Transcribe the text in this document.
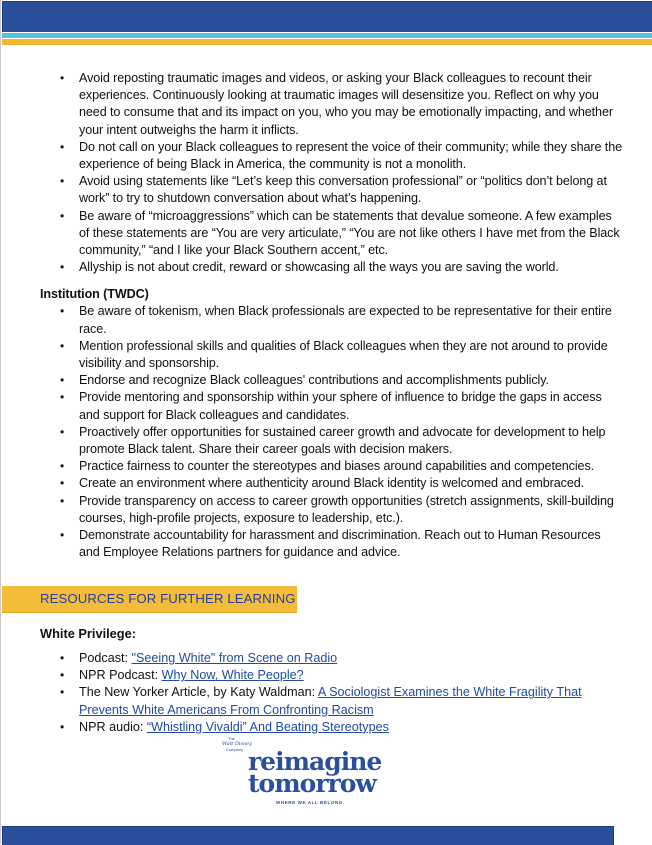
• Avoid reposting traumatic images and videos, or asking your Black colleagues to recount their experiences. Continuously looking at traumatic images will desensitize you. Reflect on why you need to consume that and its impact on you, who you may be emotionally impacting, and whether your intent outweighs the harm it inflicts.
• Do not call on your Black colleagues to represent the voice of their community; while they share the experience of being Black in America, the community is not a monolith.
• Avoid using statements like “Let’s keep this conversation professional” or “politics don’t belong at work” to try to shutdown conversation about what’s happening.
• Be aware of “microaggressions” which can be statements that devalue someone. A few examples of these statements are “You are very articulate,” “You are not like others I have met from the Black community,” “and I like your Black Southern accent,” etc.
• Allyship is not about credit, reward or showcasing all the ways you are saving the world.
Institution (TWDC)
• Be aware of tokenism, when Black professionals are expected to be representative for their entire race.
• Mention professional skills and qualities of Black colleagues when they are not around to provide visibility and sponsorship.
• Endorse and recognize Black colleagues' contributions and accomplishments publicly.
• Provide mentoring and sponsorship within your sphere of influence to bridge the gaps in access and support for Black colleagues and candidates.
• Proactively offer opportunities for sustained career growth and advocate for development to help promote Black talent. Share their career goals with decision makers.
• Practice fairness to counter the stereotypes and biases around capabilities and competencies.
• Create an environment where authenticity around Black identity is welcomed and embraced.
• Provide transparency on access to career growth opportunities (stretch assignments, skill-building courses, high-profile projects, exposure to leadership, etc.).
• Demonstrate accountability for harassment and discrimination. Reach out to Human Resources and Employee Relations partners for guidance and advice.
RESOURCES FOR FURTHER LEARNING
White Privilege:
• Podcast: "Seeing White" from Scene on Radio
• NPR Podcast: Why Now, White People?
• The New Yorker Article, by Katy Waldman: A Sociologist Examines the White Fragility That Prevents White Americans From Confronting Racism
• NPR audio: “Whistling Vivaldi” And Beating Stereotypes
The
Walt Disney
Company reimagine
tomorrow
WHERE WE ALL BELONG.
